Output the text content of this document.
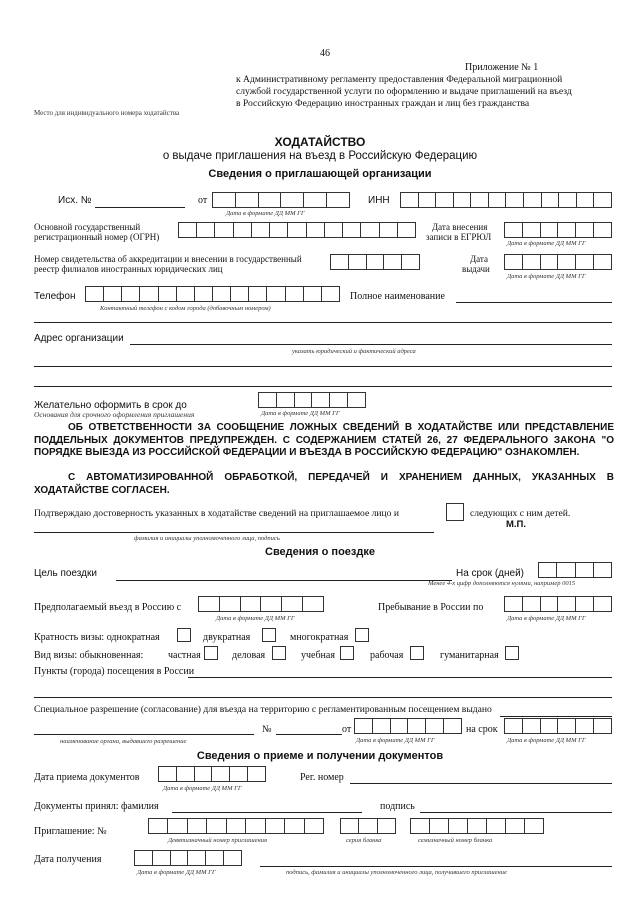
46
Приложение № 1
к Административному регламенту предоставления Федеральной миграционной
службой государственной услуги по оформлению и выдаче приглашений на въезд
в Российскую Федерацию иностранных граждан и лиц без гражданства
Место для индивидуального номера ходатайства
ХОДАТАЙСТВО
о выдаче приглашения на въезд в Российскую Федерацию
Сведения о приглашающей организации
Исх. №	от
Дата в формате ДД ММ ГГ
ИНН
Основной государственный
регистрационный номер (ОГРН)
Дата внесения
записи в ЕГРЮЛ
Дата в формате ДД ММ ГГ
Номер свидетельства об аккредитации и внесении в государственный
реестр филиалов иностранных юридических лиц
Дата
выдачи
Дата в формате ДД ММ ГГ
Телефон
Контактный телефон с кодом города (добавочным номером)
Полное наименование
Адрес организации
указать юридический и фактический адреса
Желательно оформить в срок до
Основания для срочного оформления приглашения	Дата в формате ДД ММ ГГ
ОБ ОТВЕТСТВЕННОСТИ ЗА СООБЩЕНИЕ ЛОЖНЫХ СВЕДЕНИЙ В ХОДАТАЙСТВЕ ИЛИ ПРЕДСТАВЛЕНИЕ ПОДДЕЛЬНЫХ ДОКУМЕНТОВ ПРЕДУПРЕЖДЕН. С СОДЕРЖАНИЕМ СТАТЕЙ 26, 27 ФЕДЕРАЛЬНОГО ЗАКОНА "О ПОРЯДКЕ ВЫЕЗДА ИЗ РОССИЙСКОЙ ФЕДЕРАЦИИ И ВЪЕЗДА В РОССИЙСКУЮ ФЕДЕРАЦИЮ" ОЗНАКОМЛЕН.
С АВТОМАТИЗИРОВАННОЙ ОБРАБОТКОЙ, ПЕРЕДАЧЕЙ И ХРАНЕНИЕМ ДАННЫХ, УКАЗАННЫХ В ХОДАТАЙСТВЕ СОГЛАСЕН.
Подтверждаю достоверность указанных в ходатайстве сведений на приглашаемое лицо и	следующих с ним детей.
М.П.
фамилия и инициалы уполномоченного лица, подпись
Сведения о поездке
Цель поездки	На срок (дней)
Менее 4-х цифр дополняются нулями, например 0015
Предполагаемый въезд в Россию с
Дата в формате ДД ММ ГГ
Пребывание в России по
Дата в формате ДД ММ ГГ
Кратность визы: однократная	двукратная	многократная
Вид визы: обыкновенная: частная	деловая	учебная	рабочая	гуманитарная
Пункты (города) посещения в России
Специальное разрешение (согласование) для въезда на территорию с регламентированным посещением выдано
наименование органа, выдавшего разрешение
№	от
Дата в формате ДД ММ ГГ
на срок
Дата в формате ДД ММ ГГ
Сведения о приеме и получении документов
Дата приема документов
Дата в формате ДД ММ ГГ
Рег. номер
Документы принял: фамилия	подпись
Приглашение: №
Девятизначный номер приглашения	серия бланка	семизначный номер бланка
Дата получения
Дата в формате ДД ММ ГГ	подпись, фамилия и инициалы уполномоченного лица, получившего приглашение
